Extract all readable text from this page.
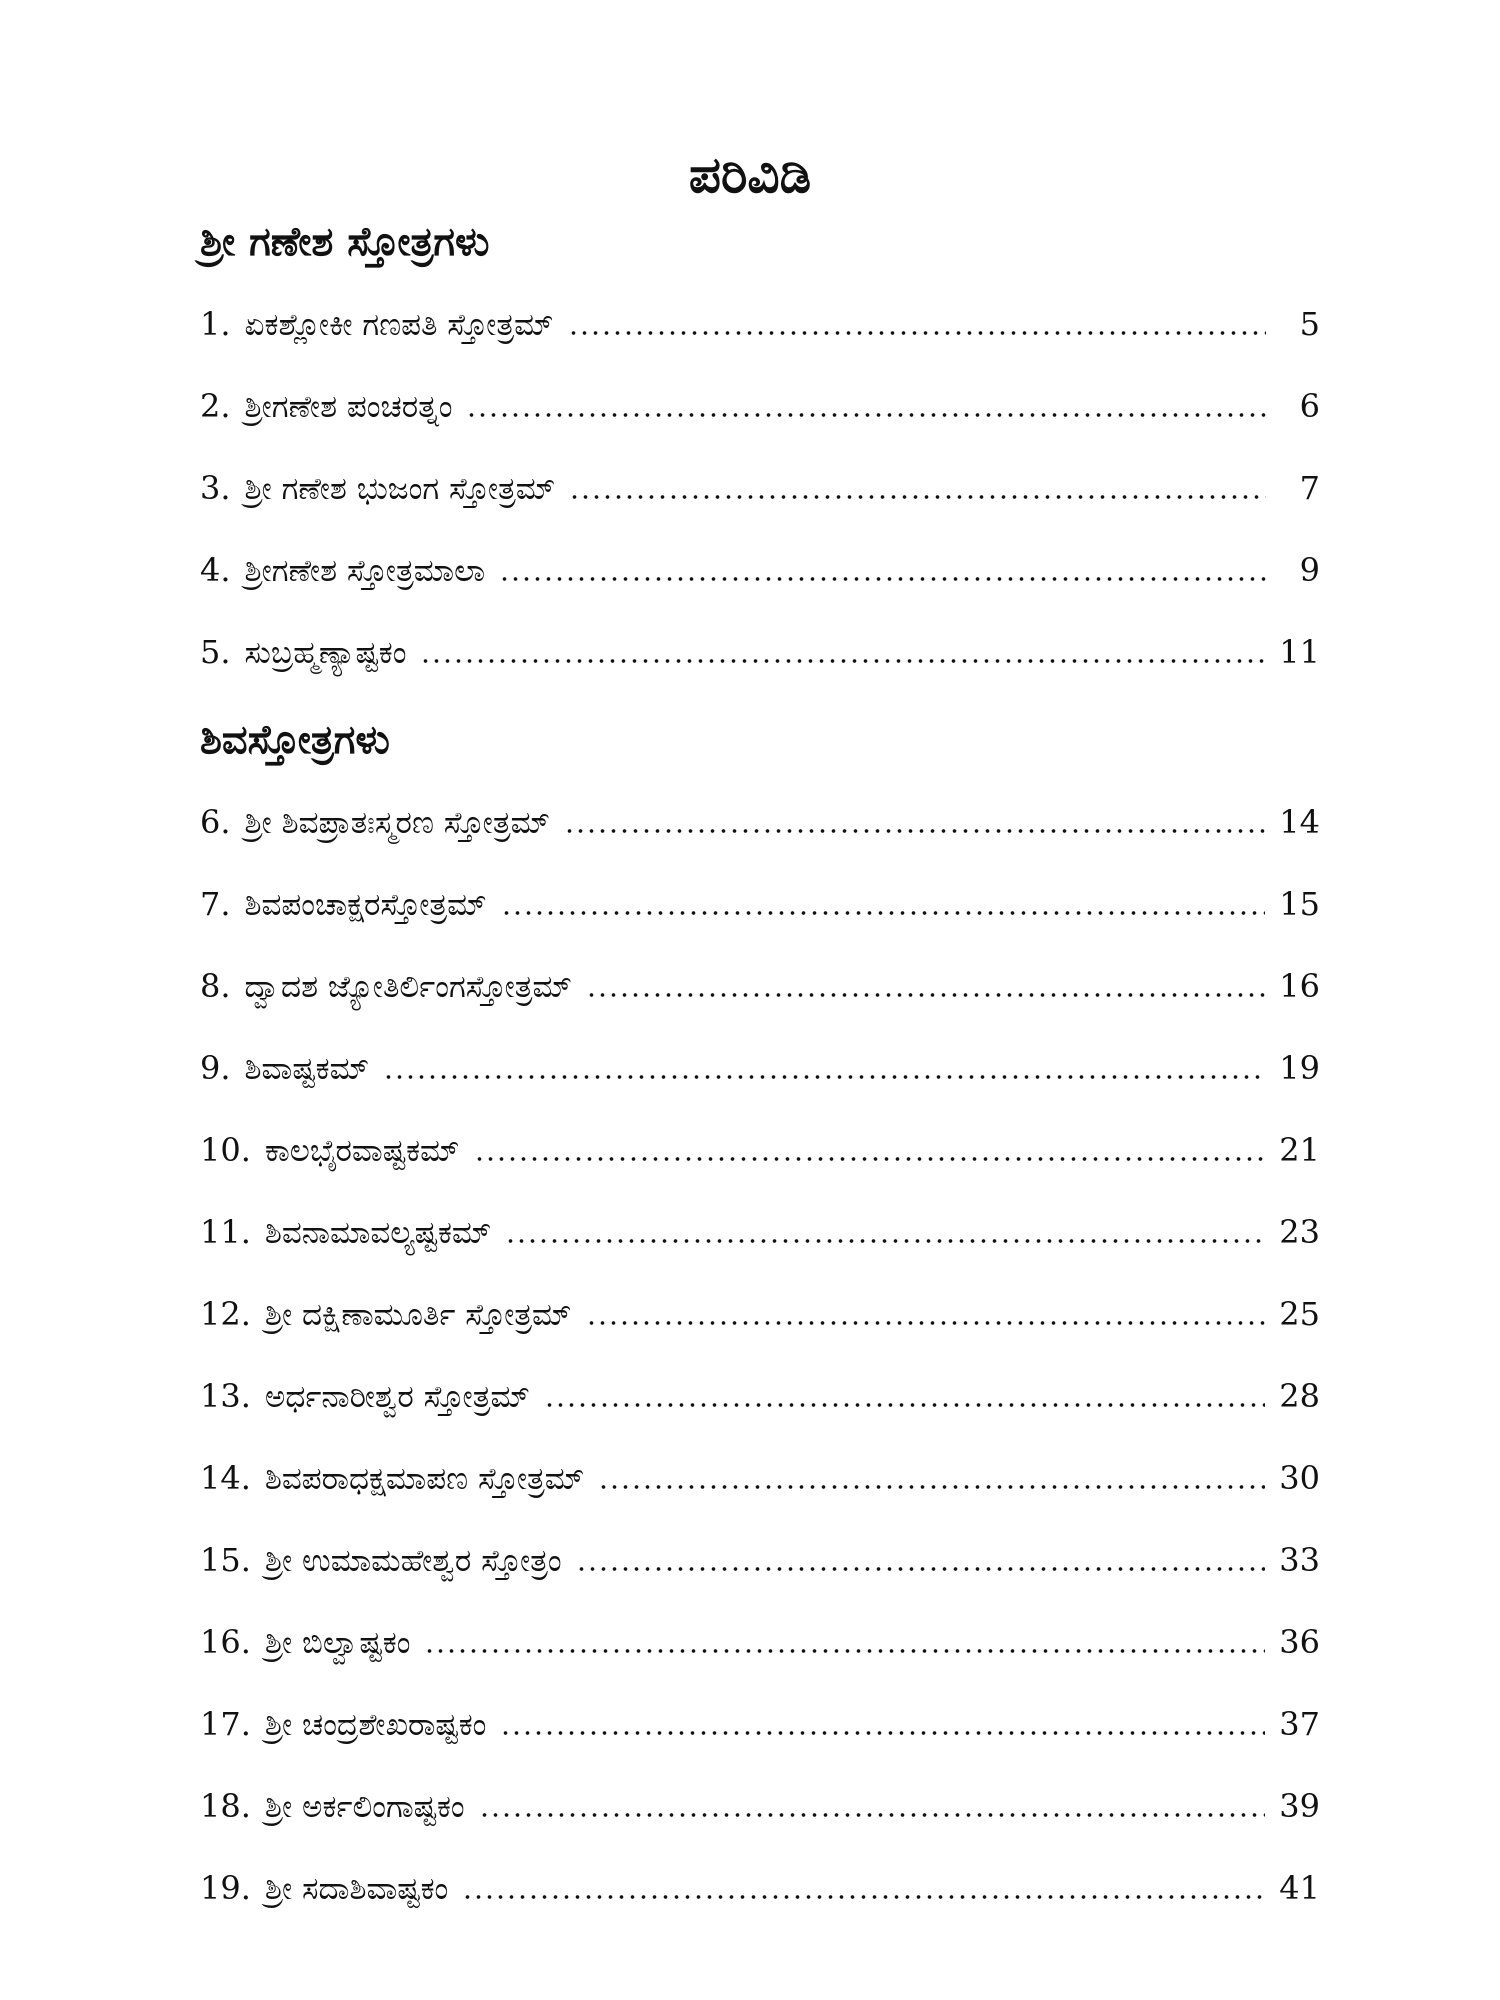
ಪರಿವಿಡಿ
ಶ್ರೀ ಗಣೇಶ ಸ್ತೋತ್ರಗಳು
1. ಏಕಶ್ಲೋಕೀ ಗಣಪತಿ ಸ್ತೋತ್ರಮ್	5
2. ಶ್ರೀಗಣೇಶ ಪಂಚರತ್ನಂ	6
3. ಶ್ರೀ ಗಣೇಶ ಭುಜಂಗ ಸ್ತೋತ್ರಮ್	7
4. ಶ್ರೀಗಣೇಶ ಸ್ತೋತ್ರಮಾಲಾ	9
5. ಸುಬ್ರಹ್ಮಣ್ಯಾಷ್ಟಕಂ	11
ಶಿವಸ್ತೋತ್ರಗಳು
6. ಶ್ರೀ ಶಿವಪ್ರಾತಃಸ್ಮರಣ ಸ್ತೋತ್ರಮ್	14
7. ಶಿವಪಂಚಾಕ್ಷರಸ್ತೋತ್ರಮ್	15
8. ದ್ವಾದಶ ಜ್ಯೋತಿರ್ಲಿಂಗಸ್ತೋತ್ರಮ್	16
9. ಶಿವಾಷ್ಟಕಮ್	19
10. ಕಾಲಭೈರವಾಷ್ಟಕಮ್	21
11. ಶಿವನಾಮಾವಲ್ಯಷ್ಟಕಮ್	23
12. ಶ್ರೀ ದಕ್ಷಿಣಾಮೂರ್ತಿ ಸ್ತೋತ್ರಮ್	25
13. ಅರ್ಧನಾರೀಶ್ವರ ಸ್ತೋತ್ರಮ್	28
14. ಶಿವಪರಾಧಕ್ಷಮಾಪಣ ಸ್ತೋತ್ರಮ್	30
15. ಶ್ರೀ ಉಮಾಮಹೇಶ್ವರ ಸ್ತೋತ್ರಂ	33
16. ಶ್ರೀ ಬಿಲ್ವಾಷ್ಟಕಂ	36
17. ಶ್ರೀ ಚಂದ್ರಶೇಖರಾಷ್ಟಕಂ	37
18. ಶ್ರೀ ಅರ್ಕಲಿಂಗಾಷ್ಟಕಂ	39
19. ಶ್ರೀ ಸದಾಶಿವಾಷ್ಟಕಂ	41
